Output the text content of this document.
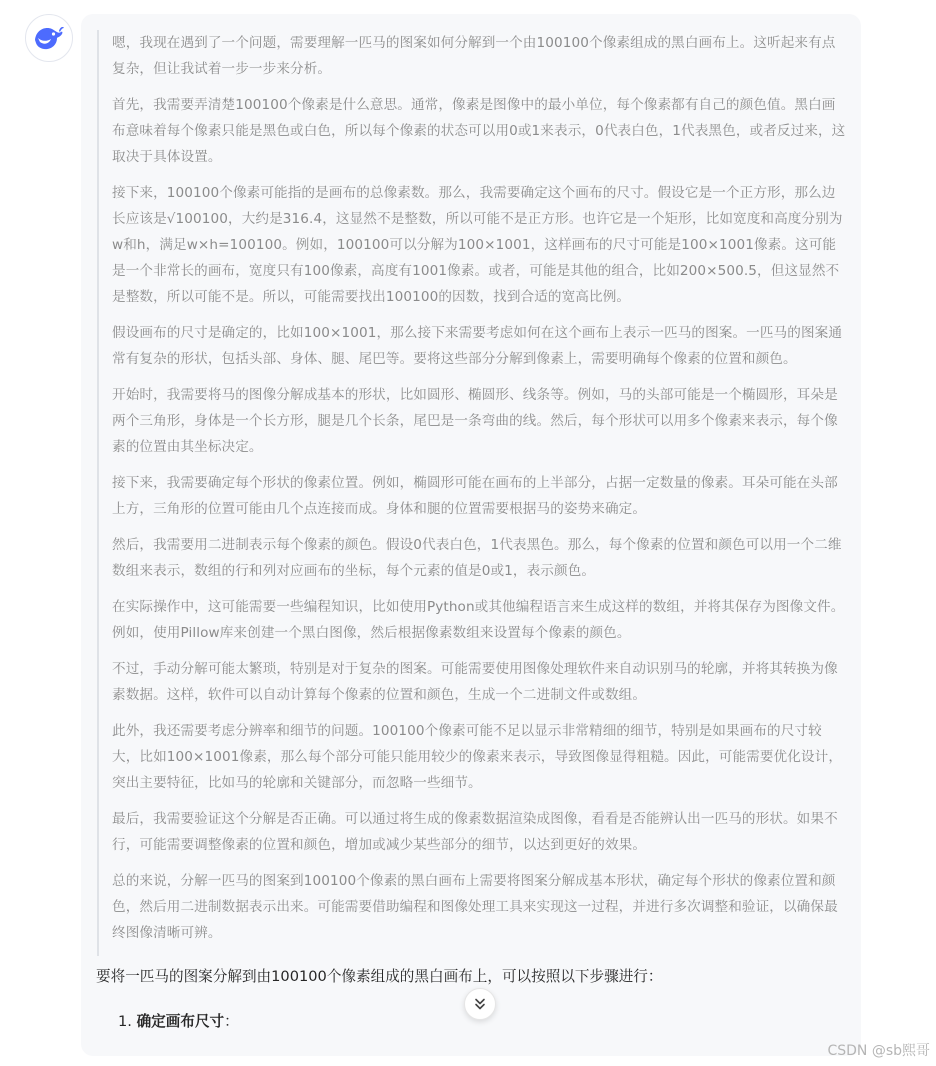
嗯，我现在遇到了一个问题，需要理解一匹马的图案如何分解到一个由100100个像素组成的黑白画布上。这听起来有点复杂，但让我试着一步一步来分析。

首先，我需要弄清楚100100个像素是什么意思。通常，像素是图像中的最小单位，每个像素都有自己的颜色值。黑白画布意味着每个像素只能是黑色或白色，所以每个像素的状态可以用0或1来表示，0代表白色，1代表黑色，或者反过来，这取决于具体设置。

接下来，100100个像素可能指的是画布的总像素数。那么，我需要确定这个画布的尺寸。假设它是一个正方形，那么边长应该是√100100，大约是316.4，这显然不是整数，所以可能不是正方形。也许它是一个矩形，比如宽度和高度分别为w和h，满足w×h=100100。例如，100100可以分解为100×1001，这样画布的尺寸可能是100×1001像素。这可能是一个非常长的画布，宽度只有100像素，高度有1001像素。或者，可能是其他的组合，比如200×500.5，但这显然不是整数，所以可能不是。所以，可能需要找出100100的因数，找到合适的宽高比例。

假设画布的尺寸是确定的，比如100×1001，那么接下来需要考虑如何在这个画布上表示一匹马的图案。一匹马的图案通常有复杂的形状，包括头部、身体、腿、尾巴等。要将这些部分分解到像素上，需要明确每个像素的位置和颜色。

开始时，我需要将马的图像分解成基本的形状，比如圆形、椭圆形、线条等。例如，马的头部可能是一个椭圆形，耳朵是两个三角形，身体是一个长方形，腿是几个长条，尾巴是一条弯曲的线。然后，每个形状可以用多个像素来表示，每个像素的位置由其坐标决定。

接下来，我需要确定每个形状的像素位置。例如，椭圆形可能在画布的上半部分，占据一定数量的像素。耳朵可能在头部上方，三角形的位置可能由几个点连接而成。身体和腿的位置需要根据马的姿势来确定。

然后，我需要用二进制表示每个像素的颜色。假设0代表白色，1代表黑色。那么，每个像素的位置和颜色可以用一个二维数组来表示，数组的行和列对应画布的坐标，每个元素的值是0或1，表示颜色。

在实际操作中，这可能需要一些编程知识，比如使用Python或其他编程语言来生成这样的数组，并将其保存为图像文件。例如，使用Pillow库来创建一个黑白图像，然后根据像素数组来设置每个像素的颜色。

不过，手动分解可能太繁琐，特别是对于复杂的图案。可能需要使用图像处理软件来自动识别马的轮廓，并将其转换为像素数据。这样，软件可以自动计算每个像素的位置和颜色，生成一个二进制文件或数组。

此外，我还需要考虑分辨率和细节的问题。100100个像素可能不足以显示非常精细的细节，特别是如果画布的尺寸较大，比如100×1001像素，那么每个部分可能只能用较少的像素来表示，导致图像显得粗糙。因此，可能需要优化设计，突出主要特征，比如马的轮廓和关键部分，而忽略一些细节。

最后，我需要验证这个分解是否正确。可以通过将生成的像素数据渲染成图像，看看是否能辨认出一匹马的形状。如果不行，可能需要调整像素的位置和颜色，增加或减少某些部分的细节，以达到更好的效果。

总的来说，分解一匹马的图案到100100个像素的黑白画布上需要将图案分解成基本形状，确定每个形状的像素位置和颜色，然后用二进制数据表示出来。可能需要借助编程和图像处理工具来实现这一过程，并进行多次调整和验证，以确保最终图像清晰可辨。

要将一匹马的图案分解到由100100个像素组成的黑白画布上，可以按照以下步骤进行：
1. 确定画布尺寸：
CSDN @sb熙哥
